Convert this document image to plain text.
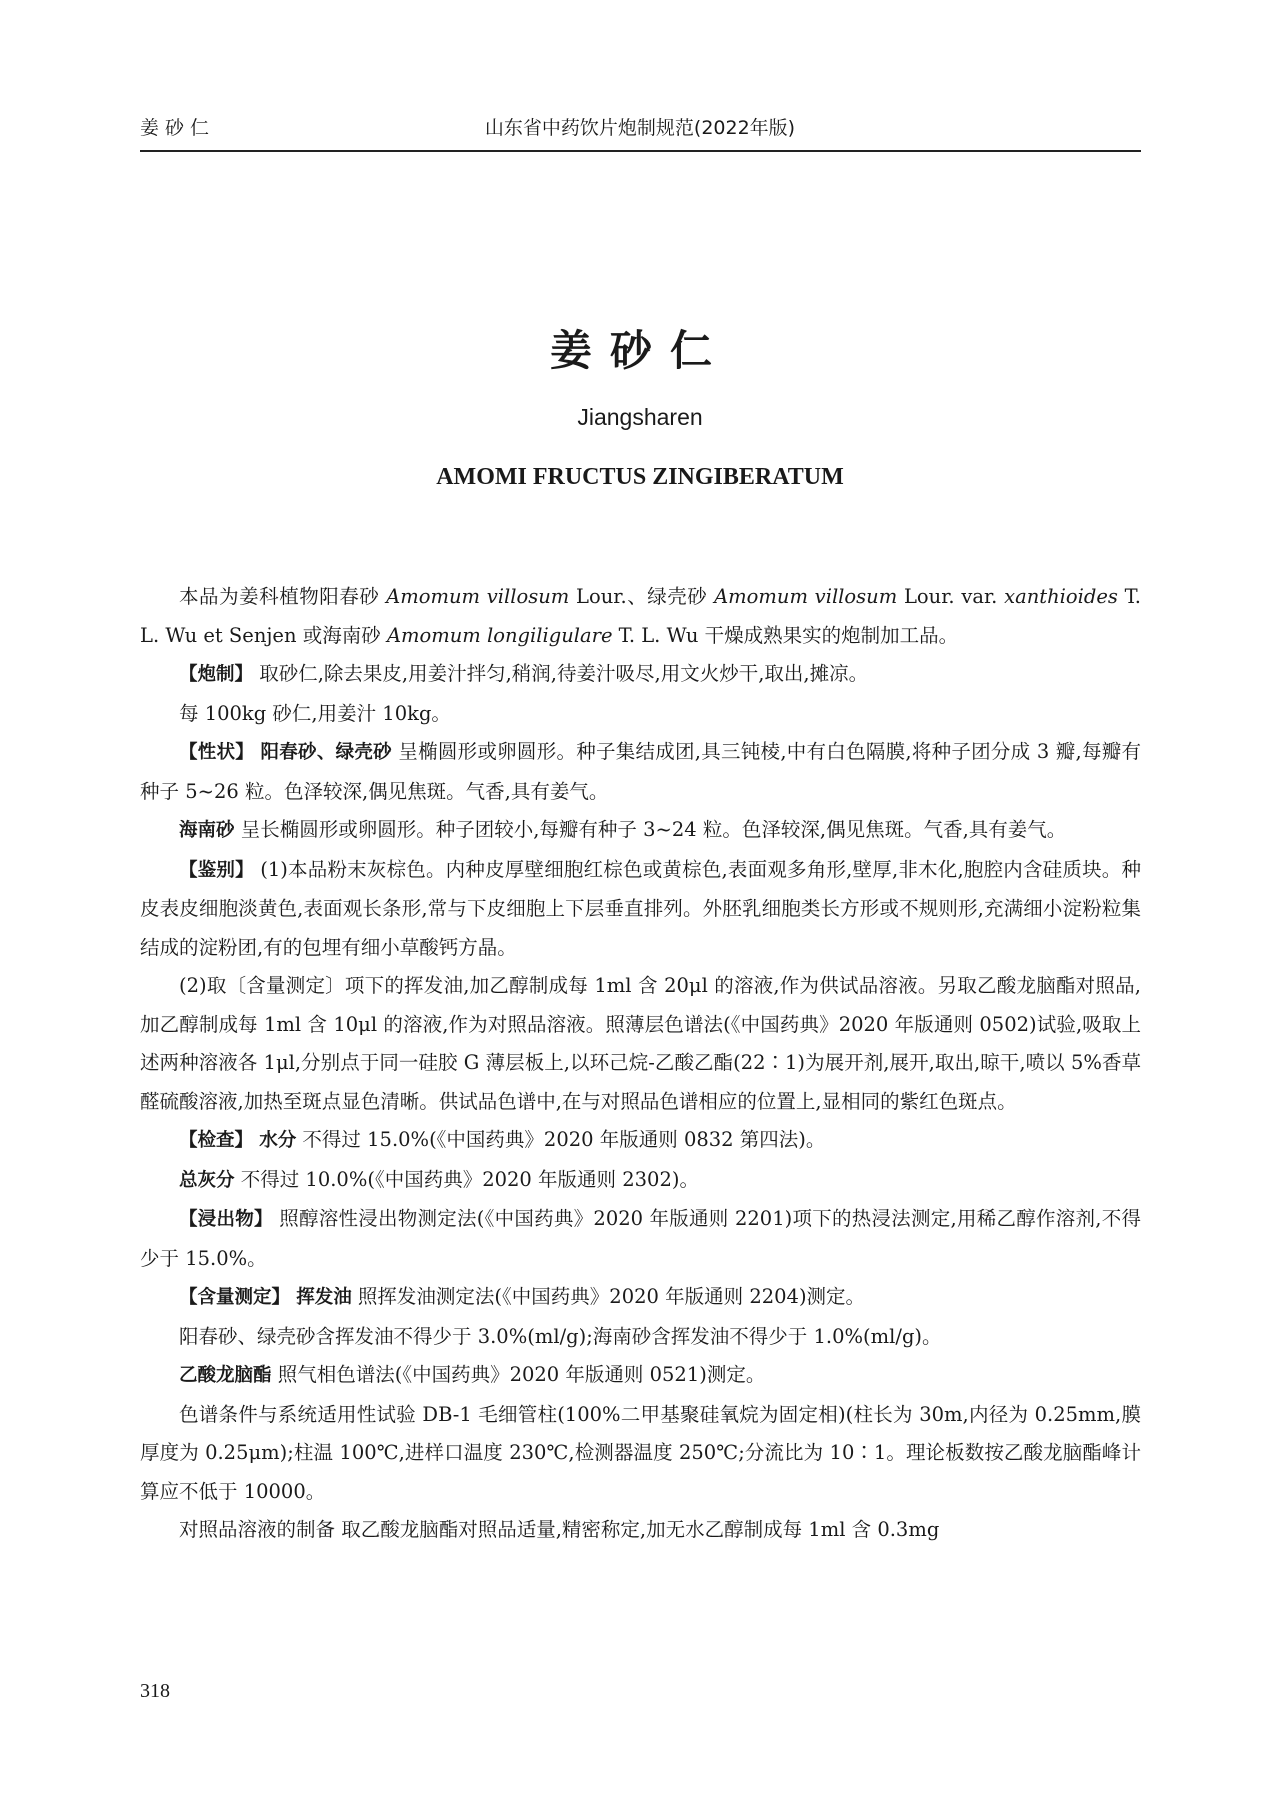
姜砂仁	山东省中药饮片炮制规范(2022年版)
姜砂仁
Jiangsharen
AMOMI FRUCTUS ZINGIBERATUM

本品为姜科植物阳春砂 Amomum villosum Lour.、绿壳砂 Amomum villosum Lour. var. xanthioides T. L. Wu et Senjen 或海南砂 Amomum longiligulare T. L. Wu 干燥成熟果实的炮制加工品。

【炮制】 取砂仁,除去果皮,用姜汁拌匀,稍润,待姜汁吸尽,用文火炒干,取出,摊凉。

每 100kg 砂仁,用姜汁 10kg。

【性状】 阳春砂、绿壳砂 呈椭圆形或卵圆形。种子集结成团,具三钝棱,中有白色隔膜,将种子团分成 3 瓣,每瓣有种子 5~26 粒。色泽较深,偶见焦斑。气香,具有姜气。

海南砂 呈长椭圆形或卵圆形。种子团较小,每瓣有种子 3~24 粒。色泽较深,偶见焦斑。气香,具有姜气。

【鉴别】 (1)本品粉末灰棕色。内种皮厚壁细胞红棕色或黄棕色,表面观多角形,壁厚,非木化,胞腔内含硅质块。种皮表皮细胞淡黄色,表面观长条形,常与下皮细胞上下层垂直排列。外胚乳细胞类长方形或不规则形,充满细小淀粉粒集结成的淀粉团,有的包埋有细小草酸钙方晶。

(2)取〔含量测定〕项下的挥发油,加乙醇制成每 1ml 含 20μl 的溶液,作为供试品溶液。另取乙酸龙脑酯对照品,加乙醇制成每 1ml 含 10μl 的溶液,作为对照品溶液。照薄层色谱法(《中国药典》2020 年版通则 0502)试验,吸取上述两种溶液各 1μl,分别点于同一硅胶 G 薄层板上,以环己烷-乙酸乙酯(22∶1)为展开剂,展开,取出,晾干,喷以 5%香草醛硫酸溶液,加热至斑点显色清晰。供试品色谱中,在与对照品色谱相应的位置上,显相同的紫红色斑点。

【检查】 水分 不得过 15.0%(《中国药典》2020 年版通则 0832 第四法)。

总灰分 不得过 10.0%(《中国药典》2020 年版通则 2302)。

【浸出物】 照醇溶性浸出物测定法(《中国药典》2020 年版通则 2201)项下的热浸法测定,用稀乙醇作溶剂,不得少于 15.0%。

【含量测定】 挥发油 照挥发油测定法(《中国药典》2020 年版通则 2204)测定。

阳春砂、绿壳砂含挥发油不得少于 3.0%(ml/g);海南砂含挥发油不得少于 1.0%(ml/g)。

乙酸龙脑酯 照气相色谱法(《中国药典》2020 年版通则 0521)测定。

色谱条件与系统适用性试验 DB-1 毛细管柱(100%二甲基聚硅氧烷为固定相)(柱长为 30m,内径为 0.25mm,膜厚度为 0.25μm);柱温 100℃,进样口温度 230℃,检测器温度 250℃;分流比为 10∶1。理论板数按乙酸龙脑酯峰计算应不低于 10000。

对照品溶液的制备 取乙酸龙脑酯对照品适量,精密称定,加无水乙醇制成每 1ml 含 0.3mg

318
